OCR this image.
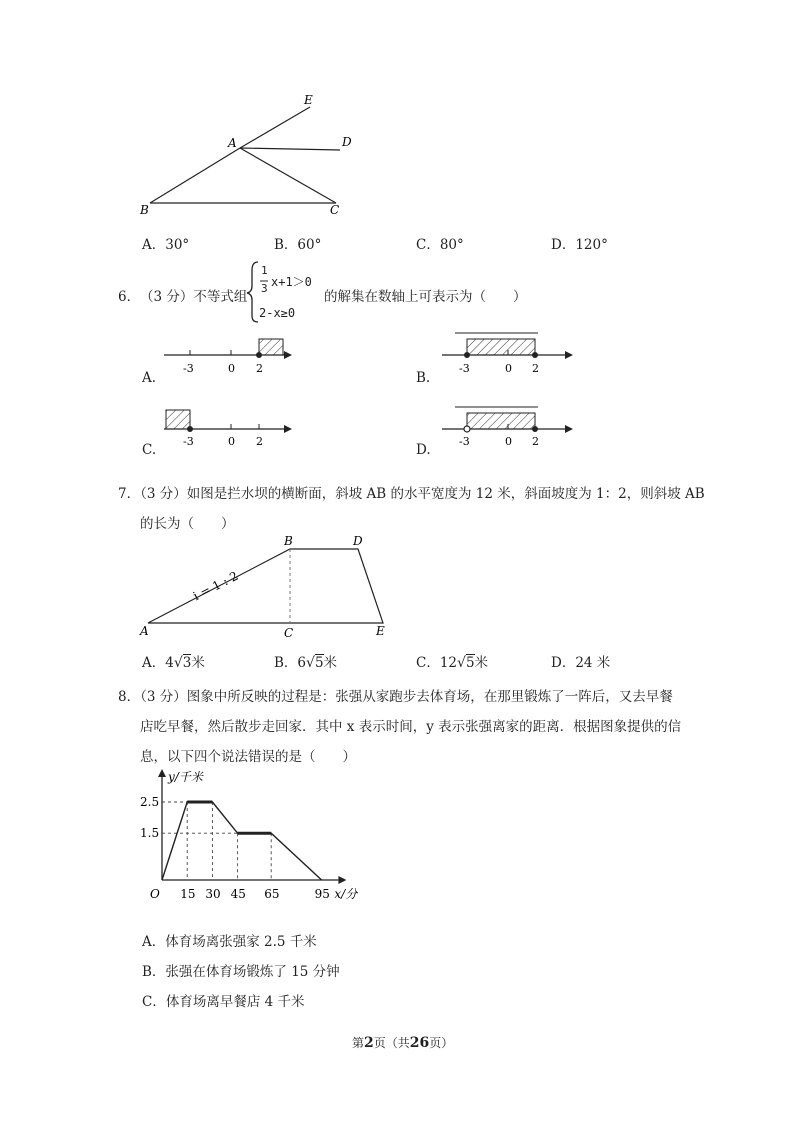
E
A	D
B	C
A．30°	B．60°	C．80°	D．120°
6． （3 分）不等式组
1
3 x+1＞0
2-x≥0
的解集在数轴上可表示为（　　）
-3	0 2	-3	0 2
-3	0 2	-3	0 2
A.	B.
C.	D.
7．（3 分）如图是拦水坝的横断面，斜坡 AB 的水平宽度为 12 米，斜面坡度为 1：2，则斜坡 AB
的长为（　　）
A
B
C
D
E
i = 1 : 2
A．4√3米	B．6√5米	C．12√5米	D．24 米
8．（3 分）图象中所反映的过程是：张强从家跑步去体育场，在那里锻炼了一阵后，又去早餐
店吃早餐，然后散步走回家．其中 x 表示时间，y 表示张强离家的距离．根据图象提供的信
息，以下四个说法错误的是（　　）
15 30 45 65	95
2.5
1.5
O	x/分
y/千米
A．体育场离张强家 2.5 千米
B．张强在体育场锻炼了 15 分钟
C．体育场离早餐店 4 千米
第2页（共26页）
